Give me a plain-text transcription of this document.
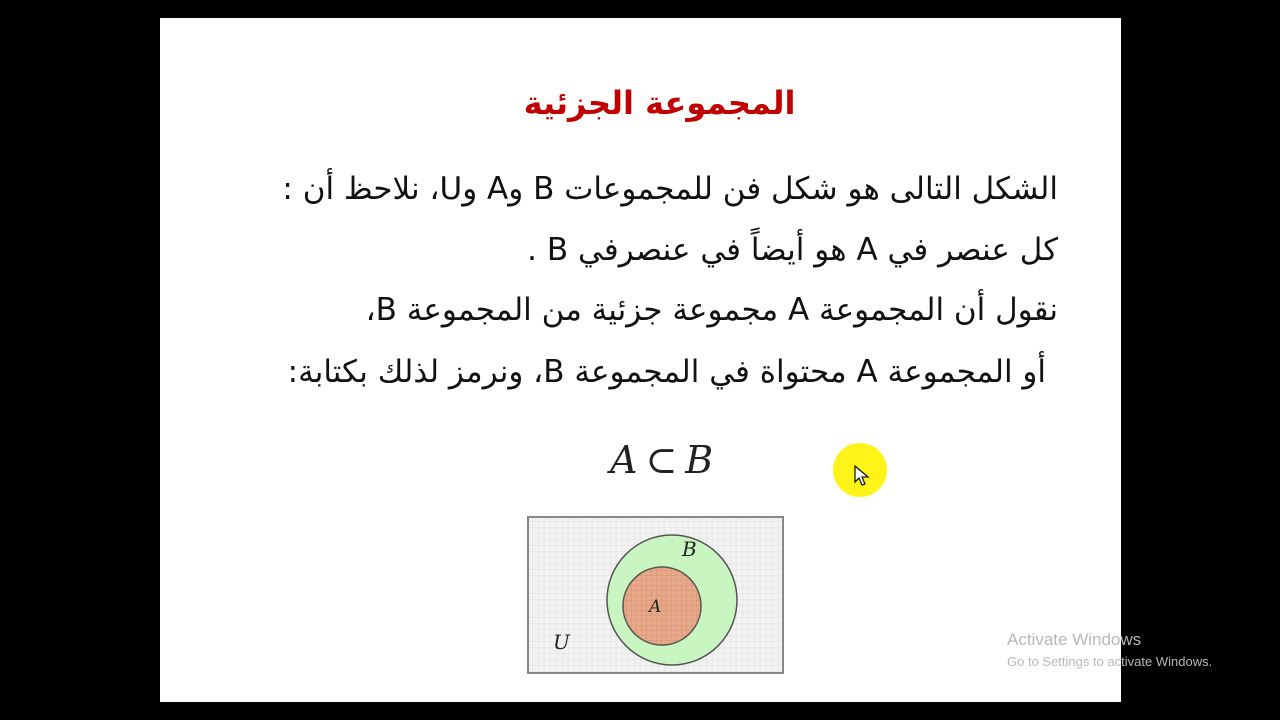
المجموعة الجزئية
الشكل التالى هو شكل فن للمجموعات B وA وU، نلاحظ أن :
كل عنصر في A هو أيضاً في عنصرفي B .
نقول أن المجموعة A مجموعة جزئية من المجموعة B،
أو المجموعة A محتواة في المجموعة B، ونرمز لذلك بكتابة:
A ⊂ B
B
A
U	Activate Windows
Go to Settings to activate Windows.
